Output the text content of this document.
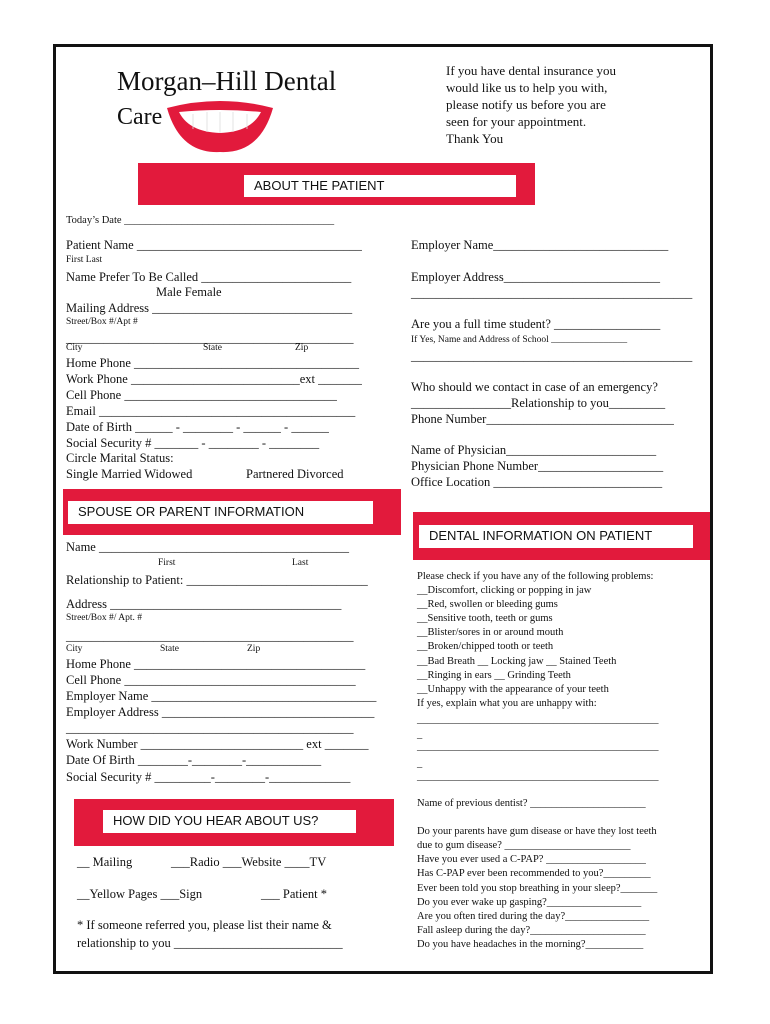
Morgan–Hill Dental
Care
If you have dental insurance you
would like us to help you with,
please notify us before you are
seen for your appointment.
Thank You
ABOUT THE PATIENT
Today’s Date ________________________________________
Patient Name ____________________________________
First Last
Name Prefer To Be Called ________________________
Male Female
Mailing Address ________________________________
Street/Box #/Apt #
______________________________________________
City	State	Zip
Home Phone ____________________________________
Work Phone ___________________________ext _______
Cell Phone __________________________________
Email _________________________________________
Date of Birth ______ - ________ - ______ - ______
Social Security # _______ - ________ - ________
Circle Marital Status:
Single Married Widowed	Partnered Divorced
Employer Name____________________________
Employer Address_________________________
_____________________________________________
Are you a full time student? _________________
If Yes, Name and Address of School ________________
_____________________________________________
Who should we contact in case of an emergency?
________________Relationship to you_________
Phone Number______________________________
Name of Physician________________________
Physician Phone Number____________________
Office Location ___________________________
SPOUSE OR PARENT INFORMATION
DENTAL INFORMATION ON PATIENT
Name ________________________________________
First	Last
Relationship to Patient: _____________________________
Address _____________________________________
Street/Box #/ Apt. #
______________________________________________
City	State	Zip
Home Phone _____________________________________
Cell Phone _____________________________________
Employer Name ____________________________________
Employer Address __________________________________
______________________________________________
Work Number __________________________ ext _______
Date Of Birth ________-________-____________
Social Security # _________-________-_____________
Please check if you have any of the following problems:
__Discomfort, clicking or popping in jaw
__Red, swollen or bleeding gums
__Sensitive tooth, teeth or gums
__Blister/sores in or around mouth
__Broken/chipped tooth or teeth
__Bad Breath __ Locking jaw __ Stained Teeth
__Ringing in ears __ Grinding Teeth
__Unhappy with the appearance of your teeth
If yes, explain what you are unhappy with:
______________________________________________
_
______________________________________________
_
______________________________________________
Name of previous dentist? ______________________
Do your parents have gum disease or have they lost teeth
due to gum disease? ________________________
Have you ever used a C-PAP? ___________________
Has C-PAP ever been recommended to you?_________
Ever been told you stop breathing in your sleep?_______
Do you ever wake up gasping?__________________
Are you often tired during the day?________________
Fall asleep during the day?______________________
Do you have headaches in the morning?___________
HOW DID YOU HEAR ABOUT US?
__ Mailing	___Radio ___Website ____TV
__Yellow Pages ___Sign	___ Patient *
* If someone referred you, please list their name &
relationship to you ___________________________
